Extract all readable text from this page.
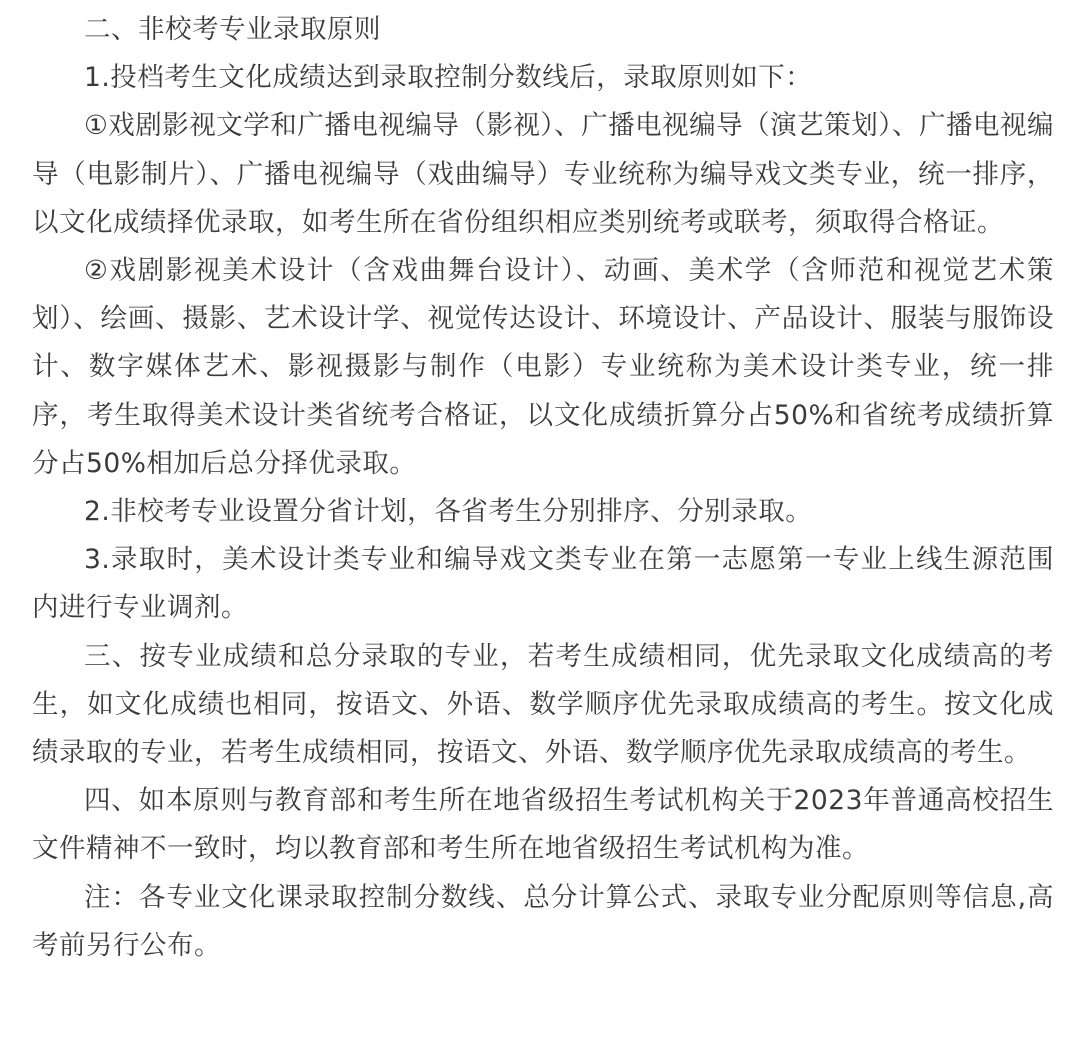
二、非校考专业录取原则

1.投档考生文化成绩达到录取控制分数线后，录取原则如下：

①戏剧影视文学和广播电视编导（影视）、广播电视编导（演艺策划）、广播电视编导（电影制片）、广播电视编导（戏曲编导）专业统称为编导戏文类专业，统一排序，以文化成绩择优录取，如考生所在省份组织相应类别统考或联考，须取得合格证。

②戏剧影视美术设计（含戏曲舞台设计）、动画、美术学（含师范和视觉艺术策划）、绘画、摄影、艺术设计学、视觉传达设计、环境设计、产品设计、服装与服饰设计、数字媒体艺术、影视摄影与制作（电影）专业统称为美术设计类专业，统一排序，考生取得美术设计类省统考合格证，以文化成绩折算分占50%和省统考成绩折算分占50%相加后总分择优录取。

2.非校考专业设置分省计划，各省考生分别排序、分别录取。

3.录取时，美术设计类专业和编导戏文类专业在第一志愿第一专业上线生源范围内进行专业调剂。

三、按专业成绩和总分录取的专业，若考生成绩相同，优先录取文化成绩高的考生，如文化成绩也相同，按语文、外语、数学顺序优先录取成绩高的考生。按文化成绩录取的专业，若考生成绩相同，按语文、外语、数学顺序优先录取成绩高的考生。

四、如本原则与教育部和考生所在地省级招生考试机构关于2023年普通高校招生文件精神不一致时，均以教育部和考生所在地省级招生考试机构为准。

注：各专业文化课录取控制分数线、总分计算公式、录取专业分配原则等信息,高考前另行公布。
